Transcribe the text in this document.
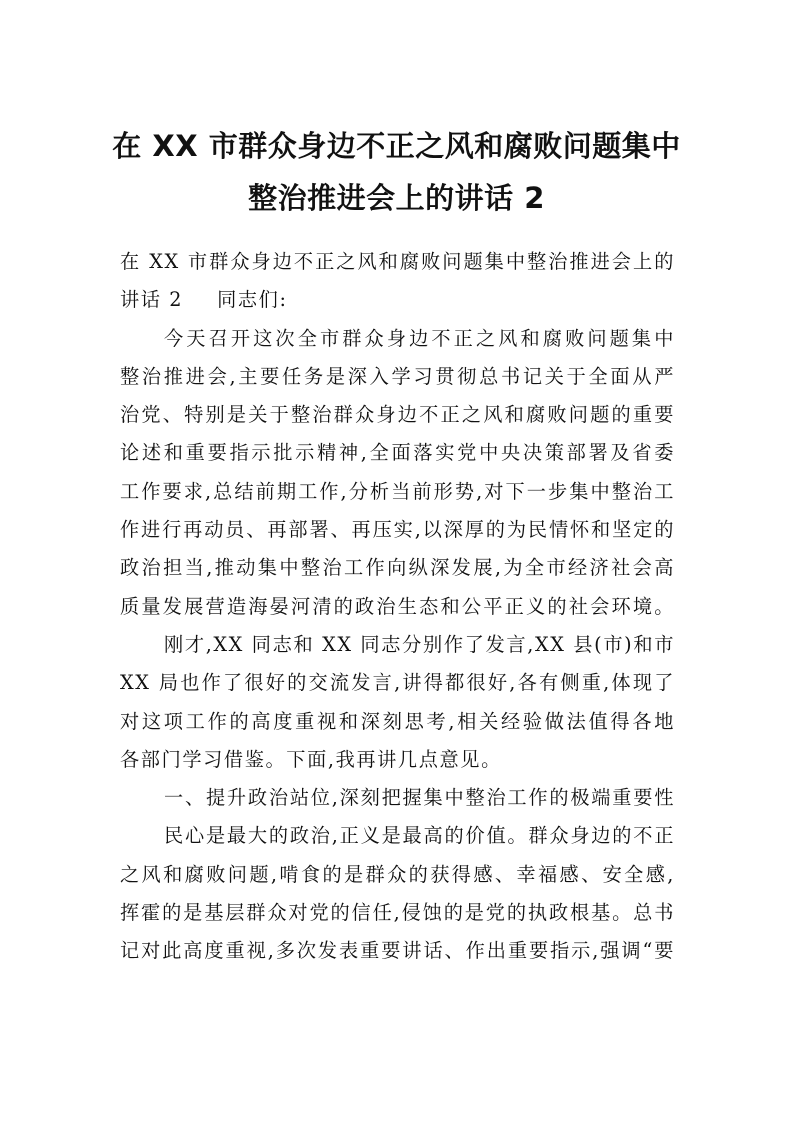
在 XX 市群众身边不正之风和腐败问题集中
整治推进会上的讲话 2
在 XX 市群众身边不正之风和腐败问题集中整治推进会上的
讲话 2 同志们:
今天召开这次全市群众身边不正之风和腐败问题集中
整治推进会,主要任务是深入学习贯彻总书记关于全面从严
治党、特别是关于整治群众身边不正之风和腐败问题的重要
论述和重要指示批示精神,全面落实党中央决策部署及省委
工作要求,总结前期工作,分析当前形势,对下一步集中整治工
作进行再动员、再部署、再压实,以深厚的为民情怀和坚定的
政治担当,推动集中整治工作向纵深发展,为全市经济社会高
质量发展营造海晏河清的政治生态和公平正义的社会环境。
刚才,XX 同志和 XX 同志分别作了发言,XX 县(市)和市
XX 局也作了很好的交流发言,讲得都很好,各有侧重,体现了
对这项工作的高度重视和深刻思考,相关经验做法值得各地
各部门学习借鉴。下面,我再讲几点意见。
一、提升政治站位,深刻把握集中整治工作的极端重要性
民心是最大的政治,正义是最高的价值。群众身边的不正
之风和腐败问题,啃食的是群众的获得感、幸福感、安全感,
挥霍的是基层群众对党的信任,侵蚀的是党的执政根基。总书
记对此高度重视,多次发表重要讲话、作出重要指示,强调“要
